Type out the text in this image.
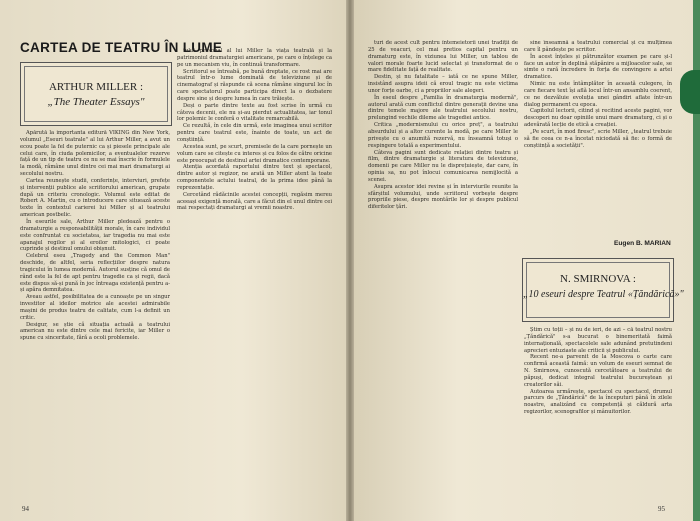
CARTEA DE TEATRU ÎN LUME
ARTHUR MILLER :
„The Theater Essays"

Apărută la importanta editură VIKING din New York, volumul „Eseuri teatrale" al lui Arthur Miller, a avut un ecou poate la fel de puternic ca și piesele principale ale celui care, în ciuda polemicilor, a eventualelor rezerve față de un tip de teatru ce nu se mai înscrie în formulele la modă, rămâne unul dintre cei mai mari dramaturgi ai secolului nostru.

Cartea reunește studii, conferințe, interviuri, prefețe și intervenții publice ale scriitorului american, grupate după un criteriu cronologic. Volumul este editat de Robert A. Martin, cu o introducere care situează aceste texte în contextul carierei lui Miller și al teatrului american postbelic.

În eseurile sale, Arthur Miller pledează pentru o dramaturgie a responsabilității morale, în care individul este confruntat cu societatea, iar tragedia nu mai este apanajul regilor și al eroilor mitologici, ci poate cuprinde și destinul omului obișnuit.

Celebrul eseu „Tragedy and the Common Man" deschide, de altfel, seria reflecțiilor despre natura tragicului în lumea modernă. Autorul susține că omul de rând este la fel de apt pentru tragedie ca și regii, dacă este dispus să-și pună în joc întreaga existență pentru a-și apăra demnitatea.

Aveau astfel, posibilitatea de a cunoaște pe un singur investitor al ideilor motrice ale acestei admirabile mașini de produs teatru de calitate, cum l-a definit un critic.

Desigur, se știe că situația actuală a teatrului american nu este dintre cele mai fericite, iar Miller o spune cu sinceritate, fără a ocoli problemele.

tului personal al lui Miller la viața teatrală și la patrimoniul dramaturgiei americane, pe care o înțelege ca pe un mecanism viu, în continuă transformare.

Scriitorul se întreabă, pe bună dreptate, ce rost mai are teatrul într-o lume dominată de televiziune și de cinematograf și răspunde că scena rămâne singurul loc în care spectatorul poate participa direct la o dezbatere despre sine și despre lumea în care trăiește.

Deși o parte dintre texte au fost scrise în urmă cu câteva decenii, ele nu și-au pierdut actualitatea, iar tonul lor polemic le conferă o vitalitate remarcabilă.

Ce rezultă, în cele din urmă, este imaginea unui scriitor pentru care teatrul este, înainte de toate, un act de conștiință.

Acestea sunt, pe scurt, premisele de la care pornește un volum care se citește cu interes și cu folos de către oricine este preocupat de destinul artei dramatice contemporane.

Atenția acordată raportului dintre text și spectacol, dintre autor și regizor, ne arată un Miller atent la toate componentele actului teatral, de la prima idee până la reprezentație.

Cercetând rădăcinile acestei concepții, regăsim mereu aceeași exigență morală, care a făcut din el unul dintre cei mai respectați dramaturgi ai vremii noastre.

94

turi de acest cult pentru întemeietorii unei tradiții de 25 de veacuri, cel mai pretios capital pentru un dramaturg este, în viziunea lui Miller, un tablou de valori morale foarte lucid selectat și transformat de o mare fidelitate față de realitate.

Destin, și nu fatalitate – iată ce ne spune Miller, insistând asupra ideii că eroul tragic nu este victima unor forțe oarbe, ci a propriilor sale alegeri.

În eseul despre „Familia în dramaturgia modernă", autorul arată cum conflictul dintre generații devine una dintre temele majore ale teatrului secolului nostru, prelungind vechile dileme ale tragediei antice.

Critica „modernismului cu orice preț", a teatrului absurdului și a altor curente la modă, pe care Miller le privește cu o anumită rezervă, nu înseamnă totuși o respingere totală a experimentului.

Câteva pagini sunt dedicate relației dintre teatru și film, dintre dramaturgie și literatura de televiziune, domenii pe care Miller nu le disprețuiește, dar care, în opinia sa, nu pot înlocui comunicarea nemijlocită a scenei.

Asupra acestor idei revine și în interviurile reunite la sfârșitul volumului, unde scriitorul vorbește despre propriile piese, despre montările lor și despre publicul diferitelor țări.

sine înseamnă a teatrului comercial și cu mulțimea care îl pândește pe scriitor.

În acest înțeles și pătrunzător examen pe care și-l face un autor în deplină stăpânire a mijloacelor sale, se simte o rară încredere în forța de convingere a artei dramatice.

Nimic nu este întâmplător în această culegere, în care fiecare text își află locul într-un ansamblu coerent, ce ne dezvăluie evoluția unei gândiri aflate într-un dialog permanent cu epoca.

Capitolul lectorii, citind și recitind aceste pagini, vor descoperi nu doar opiniile unui mare dramaturg, ci și o adevărată lecție de etică a creației.

„Pe scurt, în mod firesc", scrie Miller, „teatrul trebuie să fie ceea ce n-a încetat niciodată să fie: o formă de conștiință a societății".

Eugen B. MARIAN
N. SMIRNOVA :
„10 eseuri despre Teatrul «Țăndărică»"

Știm cu toții – și nu de ieri, de azi – că teatrul nostru „Țăndărică" s-a bucurat o binemeritată faimă internațională, spectacolele sale adunând pretutindeni aprecieri entuziaste ale criticii și publicului.

Recent ne-a parvenit de la Moscova o carte care confirmă această faimă: un volum de eseuri semnat de N. Smirnova, cunoscută cercetătoare a teatrului de păpuși, dedicat integral teatrului bucureștean și creatorilor săi.

Autoarea urmărește, spectacol cu spectacol, drumul parcurs de „Țăndărică" de la începuturi până în zilele noastre, analizând cu competență și căldură arta regizorilor, scenografilor și mânuitorilor.

95
